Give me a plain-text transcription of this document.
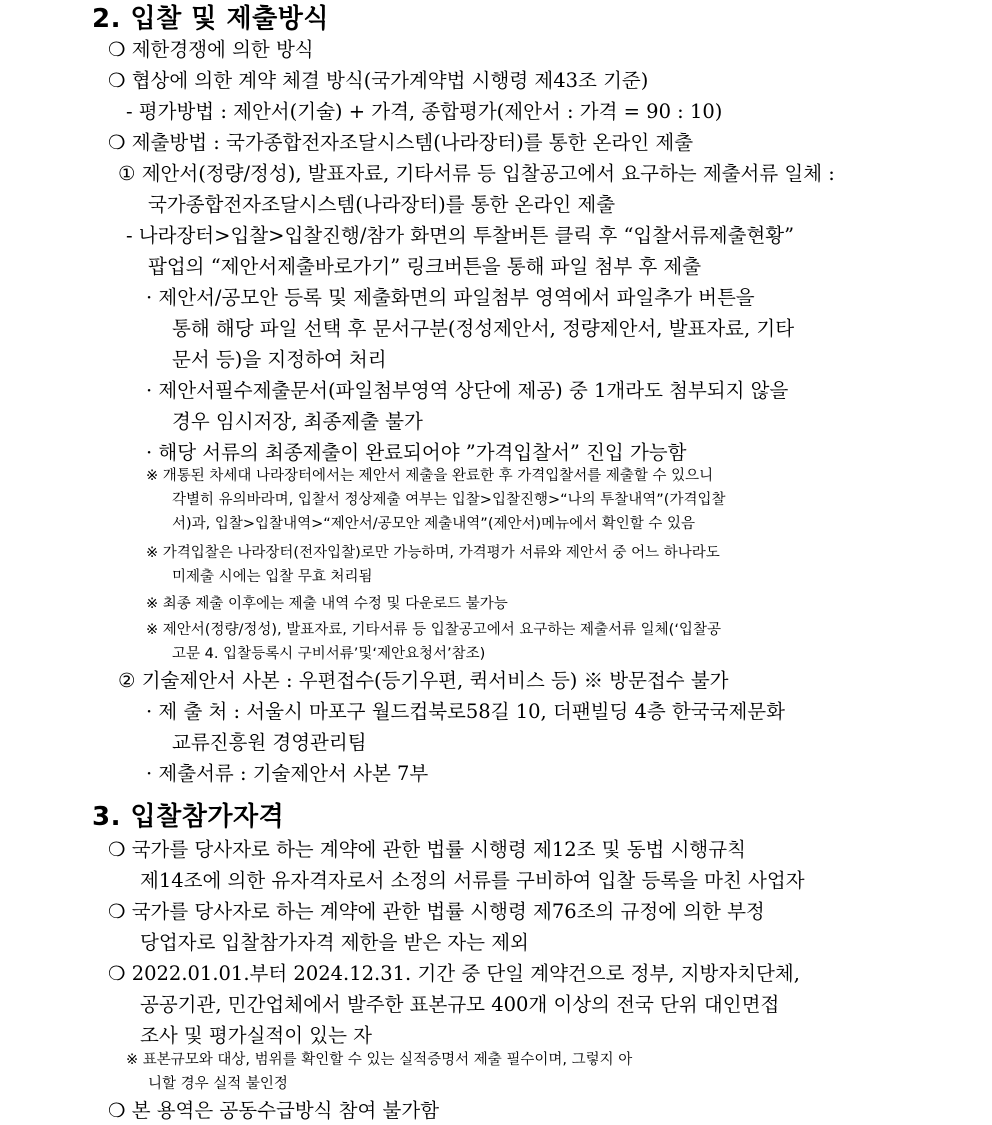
2. 입찰 및 제출방식
❍ 제한경쟁에 의한 방식
❍ 협상에 의한 계약 체결 방식(국가계약법 시행령 제43조 기준)
- 평가방법 : 제안서(기술) + 가격, 종합평가(제안서 : 가격 = 90 : 10)
❍ 제출방법 : 국가종합전자조달시스템(나라장터)를 통한 온라인 제출
① 제안서(정량/정성), 발표자료, 기타서류 등 입찰공고에서 요구하는 제출서류 일체 :
국가종합전자조달시스템(나라장터)를 통한 온라인 제출
- 나라장터>입찰>입찰진행/참가 화면의 투찰버튼 클릭 후 “입찰서류제출현황”
팝업의 “제안서제출바로가기” 링크버튼을 통해 파일 첨부 후 제출
· 제안서/공모안 등록 및 제출화면의 파일첨부 영역에서 파일추가 버튼을
통해 해당 파일 선택 후 문서구분(정성제안서, 정량제안서, 발표자료, 기타
문서 등)을 지정하여 처리
· 제안서필수제출문서(파일첨부영역 상단에 제공) 중 1개라도 첨부되지 않을
경우 임시저장, 최종제출 불가
· 해당 서류의 최종제출이 완료되어야 ”가격입찰서” 진입 가능함
※ 개통된 차세대 나라장터에서는 제안서 제출을 완료한 후 가격입찰서를 제출할 수 있으니
각별히 유의바라며, 입찰서 정상제출 여부는 입찰>입찰진행>“나의 투찰내역”(가격입찰
서)과, 입찰>입찰내역>“제안서/공모안 제출내역”(제안서)메뉴에서 확인할 수 있음
※ 가격입찰은 나라장터(전자입찰)로만 가능하며, 가격평가 서류와 제안서 중 어느 하나라도
미제출 시에는 입찰 무효 처리됨
※ 최종 제출 이후에는 제출 내역 수정 및 다운로드 불가능
※ 제안서(정량/정성), 발표자료, 기타서류 등 입찰공고에서 요구하는 제출서류 일체(‘입찰공
고문 4. 입찰등록시 구비서류’및‘제안요청서’참조)
② 기술제안서 사본 : 우편접수(등기우편, 퀵서비스 등) ※ 방문접수 불가
· 제 출 처 : 서울시 마포구 월드컵북로58길 10, 더팬빌딩 4층 한국국제문화
교류진흥원 경영관리팀
· 제출서류 : 기술제안서 사본 7부
3. 입찰참가자격
❍ 국가를 당사자로 하는 계약에 관한 법률 시행령 제12조 및 동법 시행규칙
제14조에 의한 유자격자로서 소정의 서류를 구비하여 입찰 등록을 마친 사업자
❍ 국가를 당사자로 하는 계약에 관한 법률 시행령 제76조의 규정에 의한 부정
당업자로 입찰참가자격 제한을 받은 자는 제외
❍ 2022.01.01.부터 2024.12.31. 기간 중 단일 계약건으로 정부, 지방자치단체,
공공기관, 민간업체에서 발주한 표본규모 400개 이상의 전국 단위 대인면접
조사 및 평가실적이 있는 자
※ 표본규모와 대상, 범위를 확인할 수 있는 실적증명서 제출 필수이며, 그렇지 아
니할 경우 실적 불인정
❍ 본 용역은 공동수급방식 참여 불가함
